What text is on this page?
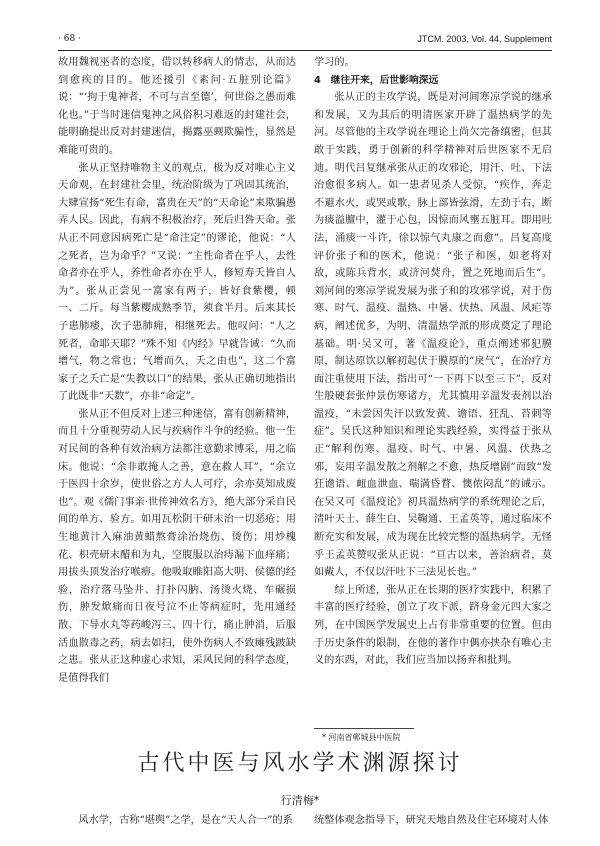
· 68 ·	JTCM. 2003, Vol. 44, Supplement

故用魏视巫者的态度，借以转移病人的情志，从而达到愈疾的目的。他还援引《素问·五脏别论篇》说：“‘拘于鬼神者，不可与言至德’，何世俗之愚而难化也。”于当时迷信鬼神之风俗积习难返的封建社会，能明确提出反对封建迷信，揭露巫觋欺骗性，显然是难能可贵的。

张从正坚持唯物主义的观点，极为反对唯心主义天命观，在封建社会里，统治阶级为了巩固其统治，大肆宣扬“死生有命，富贵在天”的“天命论”来欺骗愚弄人民。因此，有病不积极治疗，死后归咎天命。张从正不同意因病死亡是“命注定”的谬论，他说：“人之死者，岂为命乎？”又说：“主性命者在乎人，去性命者亦在乎人，养性命者亦在乎人，修短寿夭皆自人为”。张从正尝见一富家有两子，皆好食紫樱，顿一、二斤。每当紫樱成熟季节，须食半月。后来其长子患肺痿，次子患肺痈，相继死去。他叹问：“人之死者，命耶天耶？”殊不知《内经》早就告诫：“久而增气，物之常也；气增而久，夭之由也”，这二个富家子之夭亡是“失教以口”的结果，张从正确切地指出了此既非“天数”，亦非“命定”。

张从正不但反对上述三种迷信，富有创新精神，而且十分重视劳动人民与疾病作斗争的经验。他一生对民间的各种有效治病方法都注意勤求博采，用之临床。他说：“余非敢掩人之善，意在救人耳”，“余立于医四十余岁，使世俗之方人人可疗，余亦莫知成废也”。观《儒门事亲·世传神效名方》，绝大部分采自民间的单方、验方。如用瓦松阴干研末治一切恶疮；用生地黄汁入麻油黄蜡熬膏涂治烧伤、烫伤；用炒槐花、枳壳研末醋和为丸，空腹服以治痔漏下血痒痛；用拔头顶发治疗喉痹。他吸取睢阳高大明、侯德的经验，治疗落马坠井、打扑闪肭、汤烫火烧、车碾损伤，肿发焮痛而日夜号泣不止等病症时，先用通经散、下导水丸等药峻泻三、四十行，痛止肿消，后服活血散毒之药，病去如扫，使外伤病人不致瘫残跛缺之患。张从正这种虚心求知，采风民间的科学态度，是值得我们

学习的。

4　继往开来，后世影响深远

张从正的主攻学说，既是对河间寒凉学说的继承和发展，又为其后的明清医家开辟了温热病学的先河。尽管他的主攻学说在理论上尚欠完备缜密，但其敢于实践，勇于创新的科学精神对后世医家不无启迪。明代吕复继承张从正的攻邪论，用汗、吐、下法治愈很多病人。如一患者见杀人受惊，“疾作，奔走不避水火，或哭或歌，脉上部皆弦滑，左劲于右，断为痰溢膻中，灌于心包，因惊而风壅五脏耳。即用吐法，涌痰一斗许，徐以惊气丸康之而愈”。吕复高度评价张子和的医术，他说：“张子和医，如老将对敌，或陈兵背水，或济河焚舟，置之死地而后生”。刘河间的寒凉学说发展为张子和的攻邪学说，对于伤寒、时气、温疫、温热、中暑、伏热、风温、风疟等病，阐述优多，为明、清温热学派的形成奠定了理论基础。明·吴又可，著《温疫论》，重点阐述邪犯膜原，制达原饮以解初起伏于膜原的“戾气”，在治疗方面注重使用下法，指出可“一下再下以至三下”，反对生般硬套张仲景伤寒诸方，尤其慎用辛温发表剂以治温疫，“未尝因失汗以致发黄、谵语、狂乱、苔刺等症”。吴氏这种知识和理论实践经验，实得益于张从正“解利伤寒、温疫、时气、中暑、风温、伏热之邪，妄用辛温发散之剂解之不愈，热反增剧”而致“发狂谵语、衄血泄血、喘满昏瞀、懊侬闷乱”的诫示。在吴又可《温疫论》初具温热病学的系统理论之后，清叶天士、薛生白、吴鞠通、王孟英等，通过临床不断充实和发展，成为现在比较完整的温热病学。无怪乎王孟英赞叹张从正说：“亘古以来，善治病者，莫如戴人，不仅以汗吐下三法见长也。”

综上所述，张从正在长期的医疗实践中，积累了丰富的医疗经验，创立了攻下派，跻身金元四大家之列，在中国医学发展史上占有非常重要的位置。但由于历史条件的限制，在他的著作中偶亦挟杂有唯心主义的东西，对此，我们应当加以扬弃和批判。

* 河南省郸城县中医院
古代中医与风水学术渊源探讨
行清梅*
风水学，古称“堪舆”之学，是在“天人合一”的系	统整体观念指导下，研究天地自然及住宅环境对人体
